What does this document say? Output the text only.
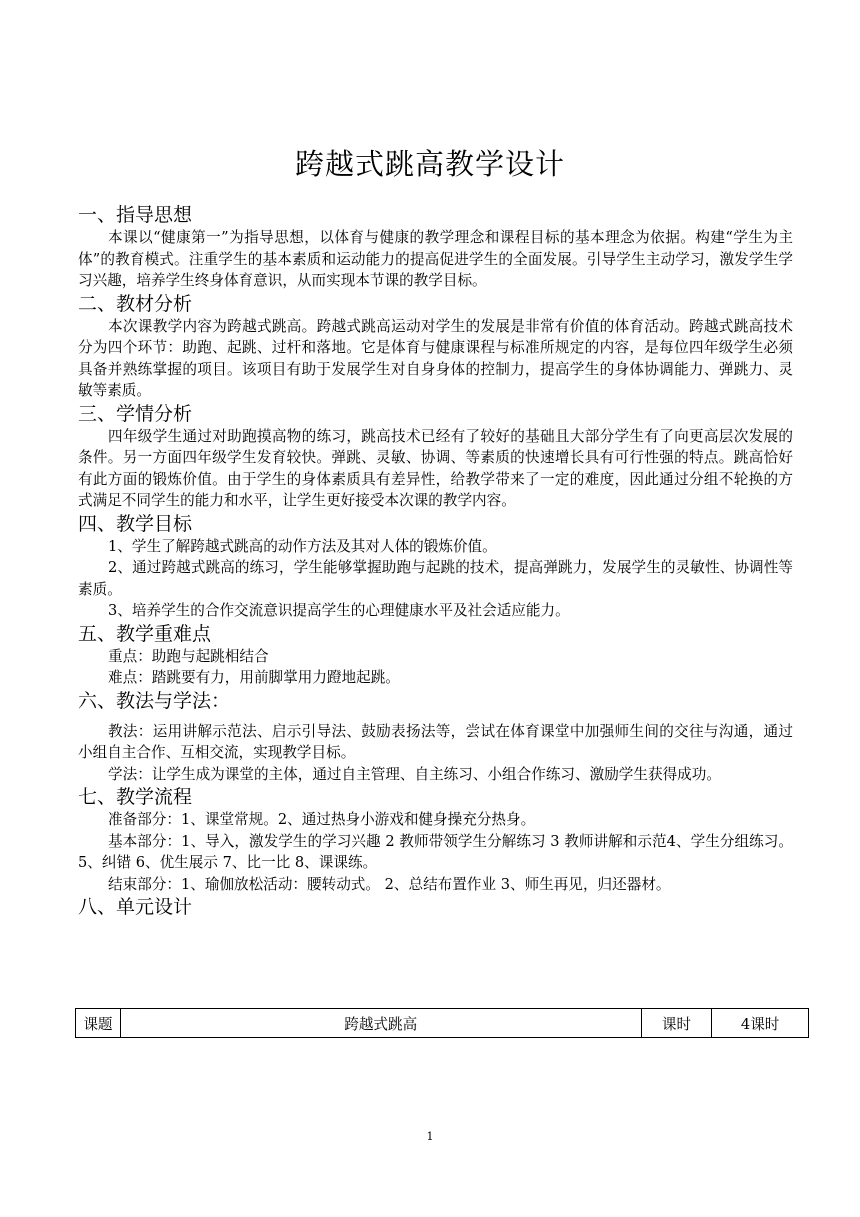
跨越式跳高教学设计

一、指导思想

本课以“健康第一”为指导思想，以体育与健康的教学理念和课程目标的基本理念为依据。构建“学生为主体”的教育模式。注重学生的基本素质和运动能力的提高促进学生的全面发展。引导学生主动学习，激发学生学习兴趣，培养学生终身体育意识，从而实现本节课的教学目标。

二、教材分析

本次课教学内容为跨越式跳高。跨越式跳高运动对学生的发展是非常有价值的体育活动。跨越式跳高技术分为四个环节：助跑、起跳、过杆和落地。它是体育与健康课程与标准所规定的内容，是每位四年级学生必须具备并熟练掌握的项目。该项目有助于发展学生对自身身体的控制力，提高学生的身体协调能力、弹跳力、灵敏等素质。

三、学情分析

四年级学生通过对助跑摸高物的练习，跳高技术已经有了较好的基础且大部分学生有了向更高层次发展的条件。另一方面四年级学生发育较快。弹跳、灵敏、协调、等素质的快速增长具有可行性强的特点。跳高恰好有此方面的锻炼价值。由于学生的身体素质具有差异性，给教学带来了一定的难度，因此通过分组不轮换的方式满足不同学生的能力和水平，让学生更好接受本次课的教学内容。

四、教学目标

1、学生了解跨越式跳高的动作方法及其对人体的锻炼价值。

2、通过跨越式跳高的练习，学生能够掌握助跑与起跳的技术，提高弹跳力，发展学生的灵敏性、协调性等素质。

3、培养学生的合作交流意识提高学生的心理健康水平及社会适应能力。

五、教学重难点

重点：助跑与起跳相结合

难点：踏跳要有力，用前脚掌用力蹬地起跳。

六、教法与学法：

教法：运用讲解示范法、启示引导法、鼓励表扬法等，尝试在体育课堂中加强师生间的交往与沟通，通过小组自主合作、互相交流，实现教学目标。

学法：让学生成为课堂的主体，通过自主管理、自主练习、小组合作练习、激励学生获得成功。

七、教学流程

准备部分：1、课堂常规。2、通过热身小游戏和健身操充分热身。

基本部分：1、导入，激发学生的学习兴趣 2 教师带领学生分解练习 3 教师讲解和示范4、学生分组练习。5、纠错 6、优生展示 7、比一比 8、课课练。

结束部分：1、瑜伽放松活动：腰转动式。 2、总结布置作业 3、师生再见，归还器材。

八、单元设计

课题	跨越式跳高	课时	4课时
1
